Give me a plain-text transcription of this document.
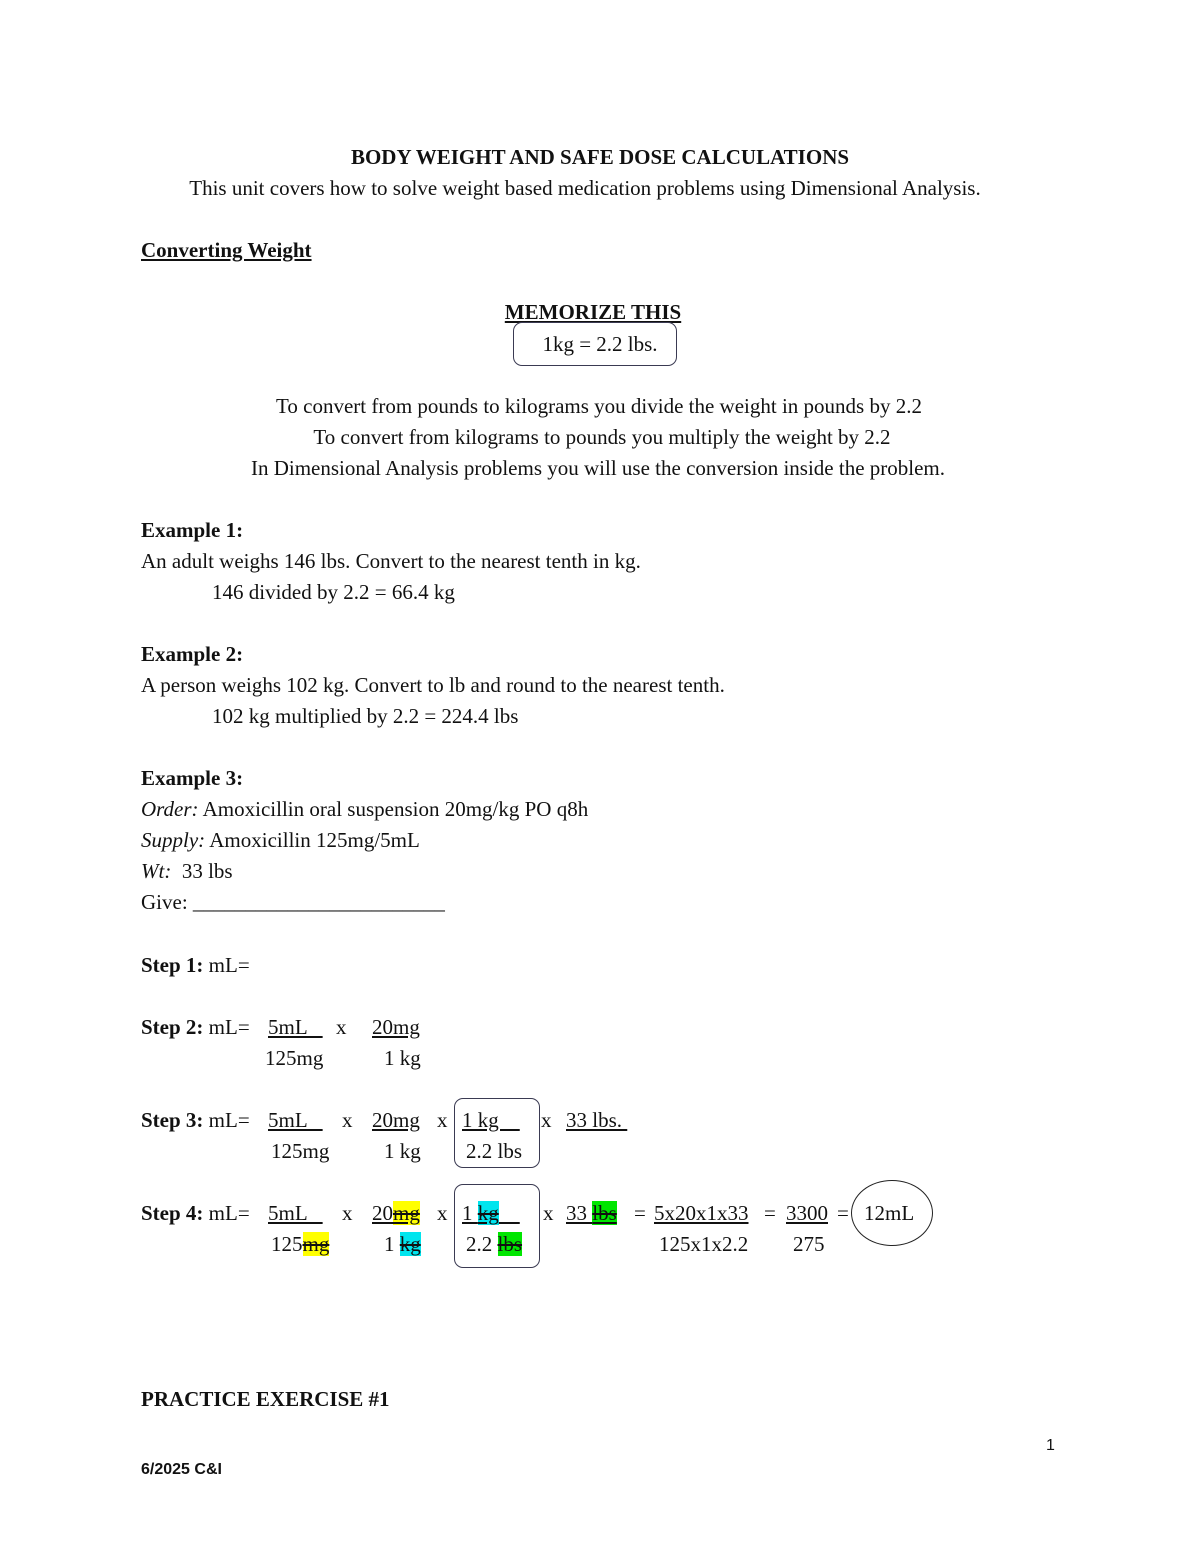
BODY WEIGHT AND SAFE DOSE CALCULATIONS
This unit covers how to solve weight based medication problems using Dimensional Analysis.
Converting Weight
MEMORIZE THIS
1kg = 2.2 lbs.
To convert from pounds to kilograms you divide the weight in pounds by 2.2
To convert from kilograms to pounds you multiply the weight by 2.2
In Dimensional Analysis problems you will use the conversion inside the problem.
Example 1:
An adult weighs 146 lbs. Convert to the nearest tenth in kg.
146 divided by 2.2 = 66.4 kg
Example 2:
A person weighs 102 kg. Convert to lb and round to the nearest tenth.
102 kg multiplied by 2.2 = 224.4 lbs
Example 3:
Order: Amoxicillin oral suspension 20mg/kg PO q8h
Supply: Amoxicillin 125mg/5mL
Wt:  33 lbs
Give: ________________________
Step 1: mL=
Step 2: mL= 5mL x 20mg
125mg	1 kg
Step 3: mL= 5mL x 20mg x 1 kg x 33 lbs.
125mg	1 kg 2.2 lbs
Step 4: mL= 5mL x 20mg x 1 kg	x 33 lbs = 5x20x1x33 = 3300 = 12mL
125mg	1 kg 2.2 lbs	125x1x2.2 275
PRACTICE EXERCISE #1
1
6/2025 C&I
